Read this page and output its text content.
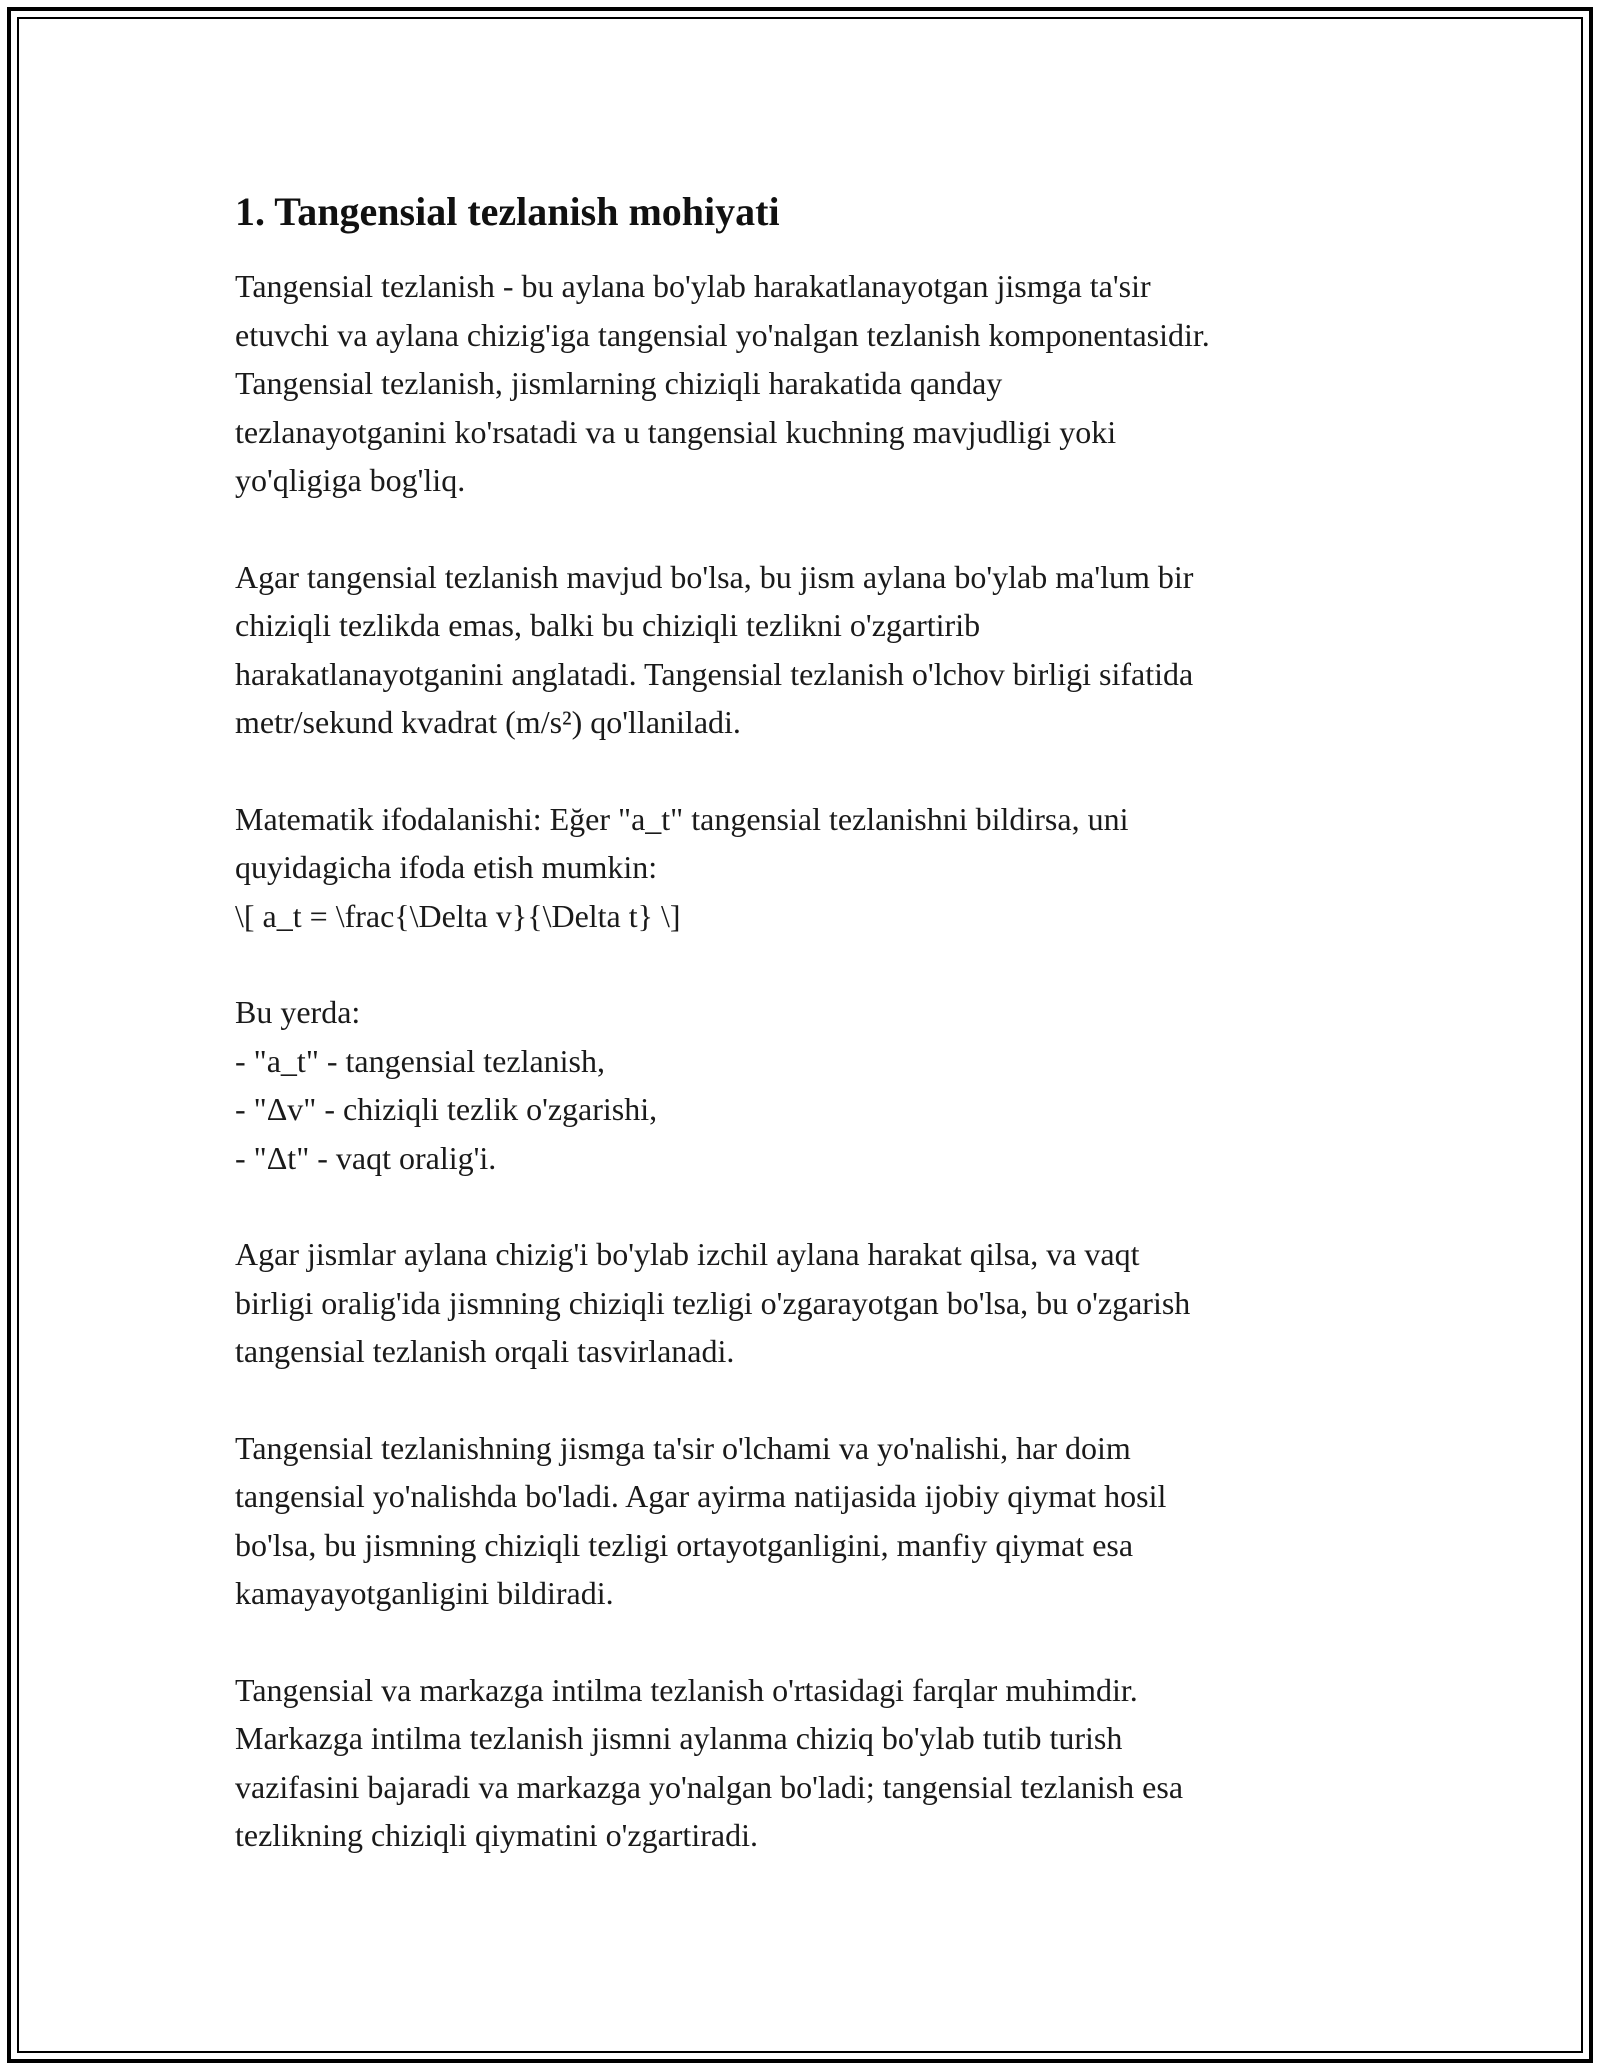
1. Tangensial tezlanish mohiyati
Tangensial tezlanish - bu aylana bo'ylab harakatlanayotgan jismga ta'sir
etuvchi va aylana chizig'iga tangensial yo'nalgan tezlanish komponentasidir.
Tangensial tezlanish, jismlarning chiziqli harakatida qanday
tezlanayotganini ko'rsatadi va u tangensial kuchning mavjudligi yoki
yo'qligiga bog'liq.
Agar tangensial tezlanish mavjud bo'lsa, bu jism aylana bo'ylab ma'lum bir
chiziqli tezlikda emas, balki bu chiziqli tezlikni o'zgartirib
harakatlanayotganini anglatadi. Tangensial tezlanish o'lchov birligi sifatida
metr/sekund kvadrat (m/s²) qo'llaniladi.
Matematik ifodalanishi: Eğer "a_t" tangensial tezlanishni bildirsa, uni
quyidagicha ifoda etish mumkin:
\[ a_t = \frac{\Delta v}{\Delta t} \]
Bu yerda:
- "a_t" - tangensial tezlanish,
- "Δv" - chiziqli tezlik o'zgarishi,
- "Δt" - vaqt oralig'i.
Agar jismlar aylana chizig'i bo'ylab izchil aylana harakat qilsa, va vaqt
birligi oralig'ida jismning chiziqli tezligi o'zgarayotgan bo'lsa, bu o'zgarish
tangensial tezlanish orqali tasvirlanadi.
Tangensial tezlanishning jismga ta'sir o'lchami va yo'nalishi, har doim
tangensial yo'nalishda bo'ladi. Agar ayirma natijasida ijobiy qiymat hosil
bo'lsa, bu jismning chiziqli tezligi ortayotganligini, manfiy qiymat esa
kamayayotganligini bildiradi.
Tangensial va markazga intilma tezlanish o'rtasidagi farqlar muhimdir.
Markazga intilma tezlanish jismni aylanma chiziq bo'ylab tutib turish
vazifasini bajaradi va markazga yo'nalgan bo'ladi; tangensial tezlanish esa
tezlikning chiziqli qiymatini o'zgartiradi.
